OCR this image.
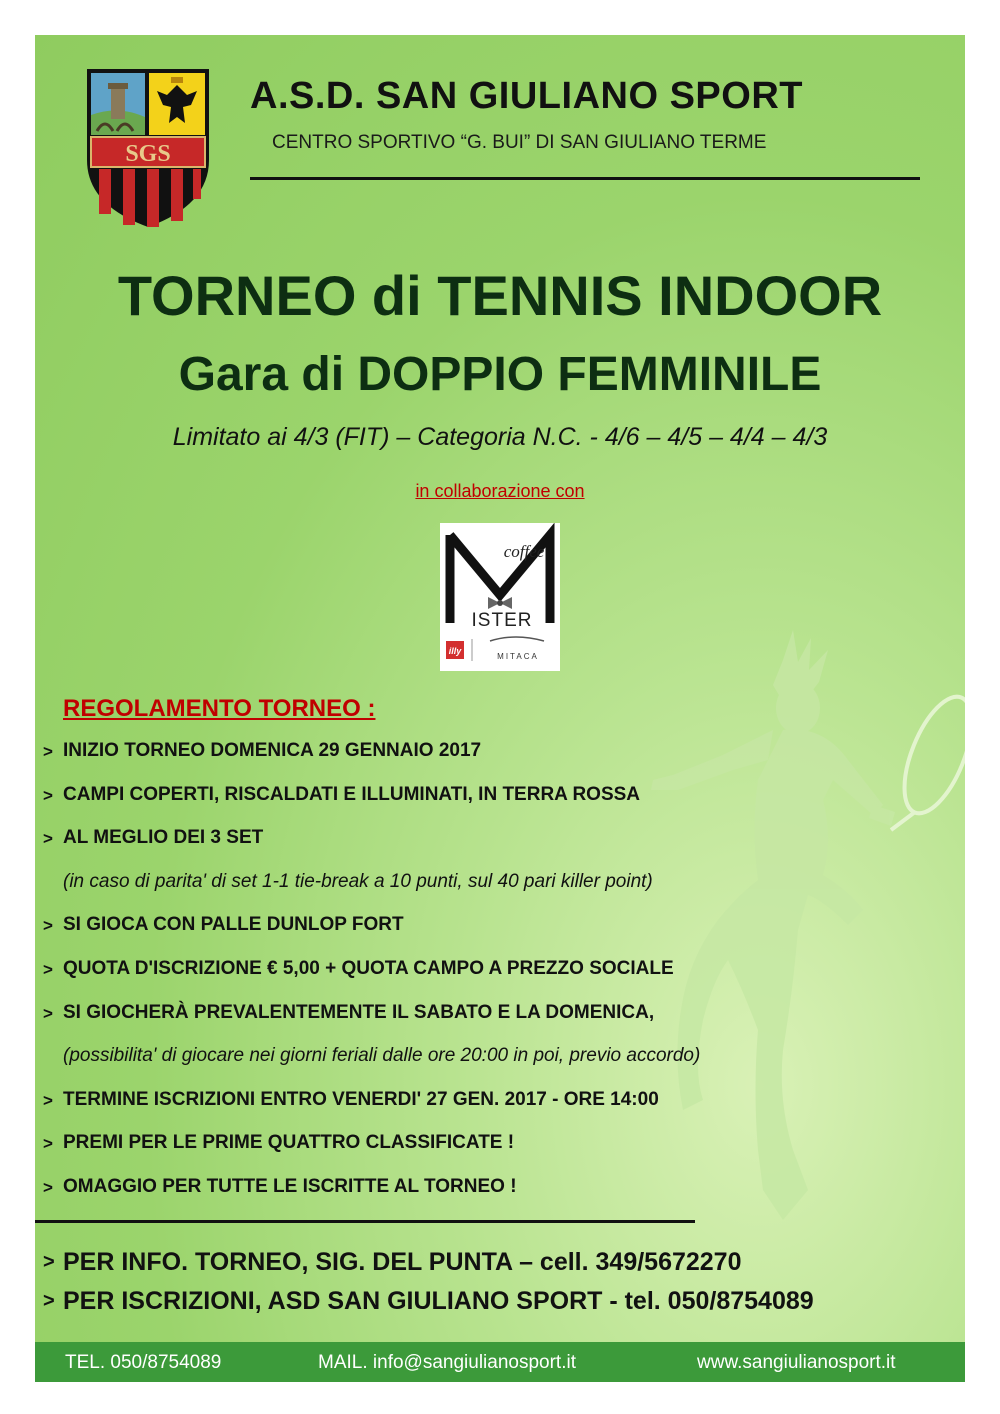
SGS
A.S.D. SAN GIULIANO SPORT
CENTRO SPORTIVO “G. BUI” DI SAN GIULIANO TERME
TORNEO di TENNIS INDOOR
Gara di DOPPIO FEMMINILE
Limitato ai 4/3 (FIT) – Categoria N.C. - 4/6 – 4/5 – 4/4 – 4/3
in collaborazione con
coffee
ISTER
illy
MITACA
REGOLAMENTO TORNEO :
> INIZIO TORNEO DOMENICA 29 GENNAIO 2017
> CAMPI COPERTI, RISCALDATI E ILLUMINATI, IN TERRA ROSSA
> AL MEGLIO DEI 3 SET
(in caso di parita' di set 1-1 tie-break a 10 punti, sul 40 pari killer point)
> SI GIOCA CON PALLE DUNLOP FORT
> QUOTA D'ISCRIZIONE € 5,00 + QUOTA CAMPO A PREZZO SOCIALE
> SI GIOCHERÀ PREVALENTEMENTE IL SABATO E LA DOMENICA,
(possibilita' di giocare nei giorni feriali dalle ore 20:00 in poi, previo accordo)
> TERMINE ISCRIZIONI ENTRO VENERDI' 27 GEN. 2017 - ORE 14:00
> PREMI PER LE PRIME QUATTRO CLASSIFICATE !
> OMAGGIO PER TUTTE LE ISCRITTE AL TORNEO !
> PER INFO. TORNEO, SIG. DEL PUNTA – cell. 349/5672270
> PER ISCRIZIONI, ASD SAN GIULIANO SPORT - tel. 050/8754089
TEL. 050/8754089	MAIL. info@sangiulianosport.it	www.sangiulianosport.it
